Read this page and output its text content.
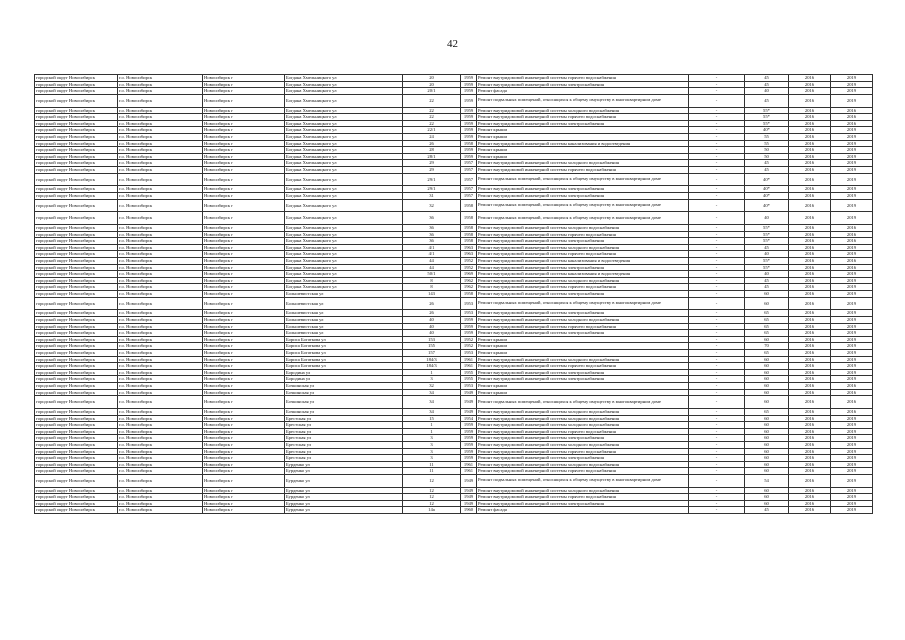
42
городской округ Новосибирск	г.о. Новосибирск	Новосибирск г	Богдана Хмельницкого ул	20	1959	Ремонт внутридомовой инженерной системы горячего водоснабжения	-	45	2016	2019
городской округ Новосибирск	г.о. Новосибирск	Новосибирск г	Богдана Хмельницкого ул	20	1959	Ремонт внутридомовой инженерной системы электроснабжения	-	45	2016	2019
городской округ Новосибирск	г.о. Новосибирск	Новосибирск г	Богдана Хмельницкого ул	20/1	1959	Ремонт фасада	-	40	2016	2019
городской округ Новосибирск	г.о. Новосибирск	Новосибирск г	Богдана Хмельницкого ул	22	1959	Ремонт подвальных помещений, относящихся к общему имуществу в многоквартирном доме	-	45	2016	2019
городской округ Новосибирск	г.о. Новосибирск	Новосибирск г	Богдана Хмельницкого ул	22	1959	Ремонт внутридомовой инженерной системы холодного водоснабжения	-	55*	2016	2016
городской округ Новосибирск	г.о. Новосибирск	Новосибирск г	Богдана Хмельницкого ул	22	1959	Ремонт внутридомовой инженерной системы горячего водоснабжения	-	55*	2016	2016
городской округ Новосибирск	г.о. Новосибирск	Новосибирск г	Богдана Хмельницкого ул	22	1959	Ремонт внутридомовой инженерной системы электроснабжения	-	55*	2016	2016
городской округ Новосибирск	г.о. Новосибирск	Новосибирск г	Богдана Хмельницкого ул	22/1	1959	Ремонт крыши	-	40*	2016	2019
городской округ Новосибирск	г.о. Новосибирск	Новосибирск г	Богдана Хмельницкого ул	24	1959	Ремонт крыши	-	55	2016	2019
городской округ Новосибирск	г.о. Новосибирск	Новосибирск г	Богдана Хмельницкого ул	26	1958	Ремонт внутридомовой инженерной системы канализования и водоотведения	-	55	2016	2019
городской округ Новосибирск	г.о. Новосибирск	Новосибирск г	Богдана Хмельницкого ул	28	1959	Ремонт крыши	-	50	2016	2019
городской округ Новосибирск	г.о. Новосибирск	Новосибирск г	Богдана Хмельницкого ул	28/1	1959	Ремонт крыши	-	50	2016	2019
городской округ Новосибирск	г.о. Новосибирск	Новосибирск г	Богдана Хмельницкого ул	29	1957	Ремонт внутридомовой инженерной системы холодного водоснабжения	-	45	2016	2019
городской округ Новосибирск	г.о. Новосибирск	Новосибирск г	Богдана Хмельницкого ул	29	1957	Ремонт внутридомовой инженерной системы горячего водоснабжения	-	45	2016	2019
городской округ Новосибирск	г.о. Новосибирск	Новосибирск г	Богдана Хмельницкого ул	29/1	1957	Ремонт подвальных помещений, относящихся к общему имуществу в многоквартирном доме	-	40*	2016	2019
городской округ Новосибирск	г.о. Новосибирск	Новосибирск г	Богдана Хмельницкого ул	29/1	1957	Ремонт внутридомовой инженерной системы электроснабжения	-	40*	2016	2019
городской округ Новосибирск	г.о. Новосибирск	Новосибирск г	Богдана Хмельницкого ул	31	1957	Ремонт внутридомовой инженерной системы электроснабжения	-	40*	2016	2019
городской округ Новосибирск	г.о. Новосибирск	Новосибирск г	Богдана Хмельницкого ул	32	1958	Ремонт подвальных помещений, относящихся к общему имуществу в многоквартирном доме	-	40*	2016	2019
городской округ Новосибирск	г.о. Новосибирск	Новосибирск г	Богдана Хмельницкого ул	36	1958	Ремонт подвальных помещений, относящихся к общему имуществу в многоквартирном доме	-	40	2016	2019
городской округ Новосибирск	г.о. Новосибирск	Новосибирск г	Богдана Хмельницкого ул	36	1958	Ремонт внутридомовой инженерной системы холодного водоснабжения	-	55*	2016	2016
городской округ Новосибирск	г.о. Новосибирск	Новосибирск г	Богдана Хмельницкого ул	36	1958	Ремонт внутридомовой инженерной системы горячего водоснабжения	-	55*	2016	2016
городской округ Новосибирск	г.о. Новосибирск	Новосибирск г	Богдана Хмельницкого ул	36	1958	Ремонт внутридомовой инженерной системы электроснабжения	-	55*	2016	2016
городской округ Новосибирск	г.о. Новосибирск	Новосибирск г	Богдана Хмельницкого ул	4/1	1963	Ремонт внутридомовой инженерной системы холодного водоснабжения	-	45	2016	2019
городской округ Новосибирск	г.о. Новосибирск	Новосибирск г	Богдана Хмельницкого ул	4/1	1963	Ремонт внутридомовой инженерной системы горячего водоснабжения	-	40	2016	2019
городской округ Новосибирск	г.о. Новосибирск	Новосибирск г	Богдана Хмельницкого ул	44	1952	Ремонт внутридомовой инженерной системы канализования и водоотведения	-	55*	2016	2016
городской округ Новосибирск	г.о. Новосибирск	Новосибирск г	Богдана Хмельницкого ул	44	1952	Ремонт внутридомовой инженерной системы электроснабжения	-	55*	2016	2016
городской округ Новосибирск	г.о. Новосибирск	Новосибирск г	Богдана Хмельницкого ул	50/1	1969	Ремонт внутридомовой инженерной системы канализования и водоотведения	-	40	2016	2019
городской округ Новосибирск	г.о. Новосибирск	Новосибирск г	Богдана Хмельницкого ул	8	1962	Ремонт внутридомовой инженерной системы холодного водоснабжения	-	45	2016	2019
городской округ Новосибирск	г.о. Новосибирск	Новосибирск г	Богдана Хмельницкого ул	8	1962	Ремонт внутридомовой инженерной системы горячего водоснабжения	-	45	2016	2019
городской округ Новосибирск	г.о. Новосибирск	Новосибирск г	Большевистская ул	143	1958	Ремонт внутридомовой инженерной системы электроснабжения	-	60	2016	2019
городской округ Новосибирск	г.о. Новосибирск	Новосибирск г	Большевистская ул	26	1953	Ремонт подвальных помещений, относящихся к общему имуществу в многоквартирном доме	-	60	2016	2019
городской округ Новосибирск	г.о. Новосибирск	Новосибирск г	Большевистская ул	26	1953	Ремонт внутридомовой инженерной системы электроснабжения	-	65	2016	2019
городской округ Новосибирск	г.о. Новосибирск	Новосибирск г	Большевистская ул	40	1959	Ремонт внутридомовой инженерной системы холодного водоснабжения	-	65	2016	2019
городской округ Новосибирск	г.о. Новосибирск	Новосибирск г	Большевистская ул	40	1959	Ремонт внутридомовой инженерной системы горячего водоснабжения	-	65	2016	2019
городской округ Новосибирск	г.о. Новосибирск	Новосибирск г	Большевистская ул	40	1959	Ремонт внутридомовой инженерной системы электроснабжения	-	65	2016	2019
городской округ Новосибирск	г.о. Новосибирск	Новосибирск г	Бориса Богаткова ул	153	1952	Ремонт крыши	-	60	2016	2019
городской округ Новосибирск	г.о. Новосибирск	Новосибирск г	Бориса Богаткова ул	155	1952	Ремонт крыши	-	70	2016	2019
городской округ Новосибирск	г.о. Новосибирск	Новосибирск г	Бориса Богаткова ул	157	1953	Ремонт крыши	-	65	2016	2019
городской округ Новосибирск	г.о. Новосибирск	Новосибирск г	Бориса Богаткова ул	184/3	1961	Ремонт внутридомовой инженерной системы холодного водоснабжения	-	60	2016	2019
городской округ Новосибирск	г.о. Новосибирск	Новосибирск г	Бориса Богаткова ул	184/3	1961	Ремонт внутридомовой инженерной системы горячего водоснабжения	-	60	2016	2019
городской округ Новосибирск	г.о. Новосибирск	Новосибирск г	Бородина ул	1	1955	Ремонт внутридомовой инженерной системы электроснабжения	-	60	2016	2019
городской округ Новосибирск	г.о. Новосибирск	Новосибирск г	Бородина ул	3	1955	Ремонт внутридомовой инженерной системы электроснабжения	-	60	2016	2019
городской округ Новосибирск	г.о. Новосибирск	Новосибирск г	Бочкинская ул	32	1953	Ремонт крыши	-	60	2016	2016
городской округ Новосибирск	г.о. Новосибирск	Новосибирск г	Бочкинская ул	34	1949	Ремонт крыши	-	60	2016	2016
городской округ Новосибирск	г.о. Новосибирск	Новосибирск г	Бочкинская ул	34	1949	Ремонт подвальных помещений, относящихся к общему имуществу в многоквартирном доме	-	60	2016	2016
городской округ Новосибирск	г.о. Новосибирск	Новосибирск г	Бочкинская ул	34	1949	Ремонт внутридомовой инженерной системы холодного водоснабжения	-	65	2016	2016
городской округ Новосибирск	г.о. Новосибирск	Новосибирск г	Брестская ул	15	1954	Ремонт внутридомовой инженерной системы холодного водоснабжения	-	60	2016	2019
городской округ Новосибирск	г.о. Новосибирск	Новосибирск г	Брестская ул	1	1959	Ремонт внутридомовой инженерной системы холодного водоснабжения	-	60	2016	2019
городской округ Новосибирск	г.о. Новосибирск	Новосибирск г	Брестская ул	1	1959	Ремонт внутридомовой инженерной системы горячего водоснабжения	-	60	2016	2019
городской округ Новосибирск	г.о. Новосибирск	Новосибирск г	Брестская ул	3	1959	Ремонт внутридомовой инженерной системы электроснабжения	-	60	2016	2019
городской округ Новосибирск	г.о. Новосибирск	Новосибирск г	Брестская ул	3	1959	Ремонт внутридомовой инженерной системы холодного водоснабжения	-	60	2016	2019
городской округ Новосибирск	г.о. Новосибирск	Новосибирск г	Брестская ул	3	1959	Ремонт внутридомовой инженерной системы горячего водоснабжения	-	60	2016	2019
городской округ Новосибирск	г.о. Новосибирск	Новосибирск г	Брестская ул	3	1959	Ремонт внутридомовой инженерной системы электроснабжения	-	60	2016	2019
городской округ Новосибирск	г.о. Новосибирск	Новосибирск г	Бурденко ул	11	1961	Ремонт внутридомовой инженерной системы холодного водоснабжения	-	60	2016	2019
городской округ Новосибирск	г.о. Новосибирск	Новосибирск г	Бурденко ул	11	1961	Ремонт внутридомовой инженерной системы горячего водоснабжения	-	60	2016	2019
городской округ Новосибирск	г.о. Новосибирск	Новосибирск г	Бурденко ул	12	1949	Ремонт подвальных помещений, относящихся к общему имуществу в многоквартирном доме	-	54	2016	2019
городской округ Новосибирск	г.о. Новосибирск	Новосибирск г	Бурденко ул	12	1949	Ремонт внутридомовой инженерной системы холодного водоснабжения	-	60	2016	2019
городской округ Новосибирск	г.о. Новосибирск	Новосибирск г	Бурденко ул	12	1949	Ремонт внутридомовой инженерной системы горячего водоснабжения	-	60	2016	2019
городской округ Новосибирск	г.о. Новосибирск	Новосибирск г	Бурденко ул	12	1949	Ремонт внутридомовой инженерной системы электроснабжения	-	60	2016	2019
городской округ Новосибирск	г.о. Новосибирск	Новосибирск г	Бурденко ул	14а	1960	Ремонт фасада	-	45	2016	2019
